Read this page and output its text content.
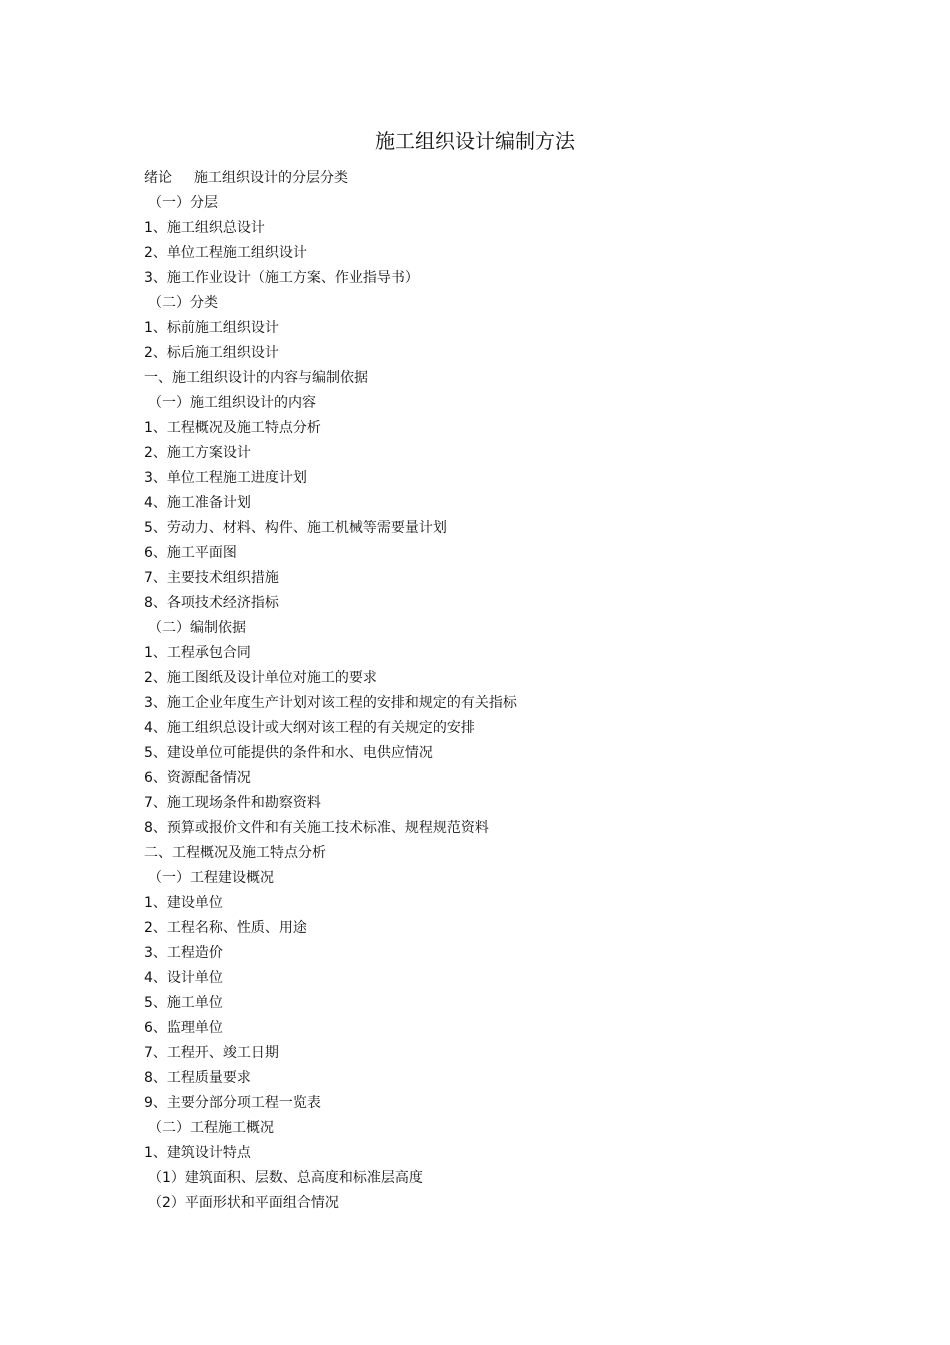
施工组织设计编制方法
绪论 施工组织设计的分层分类
（一）分层
1、施工组织总设计
2、单位工程施工组织设计
3、施工作业设计（施工方案、作业指导书）
（二）分类
1、标前施工组织设计
2、标后施工组织设计
一、施工组织设计的内容与编制依据
（一）施工组织设计的内容
1、工程概况及施工特点分析
2、施工方案设计
3、单位工程施工进度计划
4、施工准备计划
5、劳动力、材料、构件、施工机械等需要量计划
6、施工平面图
7、主要技术组织措施
8、各项技术经济指标
（二）编制依据
1、工程承包合同
2、施工图纸及设计单位对施工的要求
3、施工企业年度生产计划对该工程的安排和规定的有关指标
4、施工组织总设计或大纲对该工程的有关规定的安排
5、建设单位可能提供的条件和水、电供应情况
6、资源配备情况
7、施工现场条件和勘察资料
8、预算或报价文件和有关施工技术标准、规程规范资料
二、工程概况及施工特点分析
（一）工程建设概况
1、建设单位
2、工程名称、性质、用途
3、工程造价
4、设计单位
5、施工单位
6、监理单位
7、工程开、竣工日期
8、工程质量要求
9、主要分部分项工程一览表
（二）工程施工概况
1、建筑设计特点
（1）建筑面积、层数、总高度和标准层高度
（2）平面形状和平面组合情况
